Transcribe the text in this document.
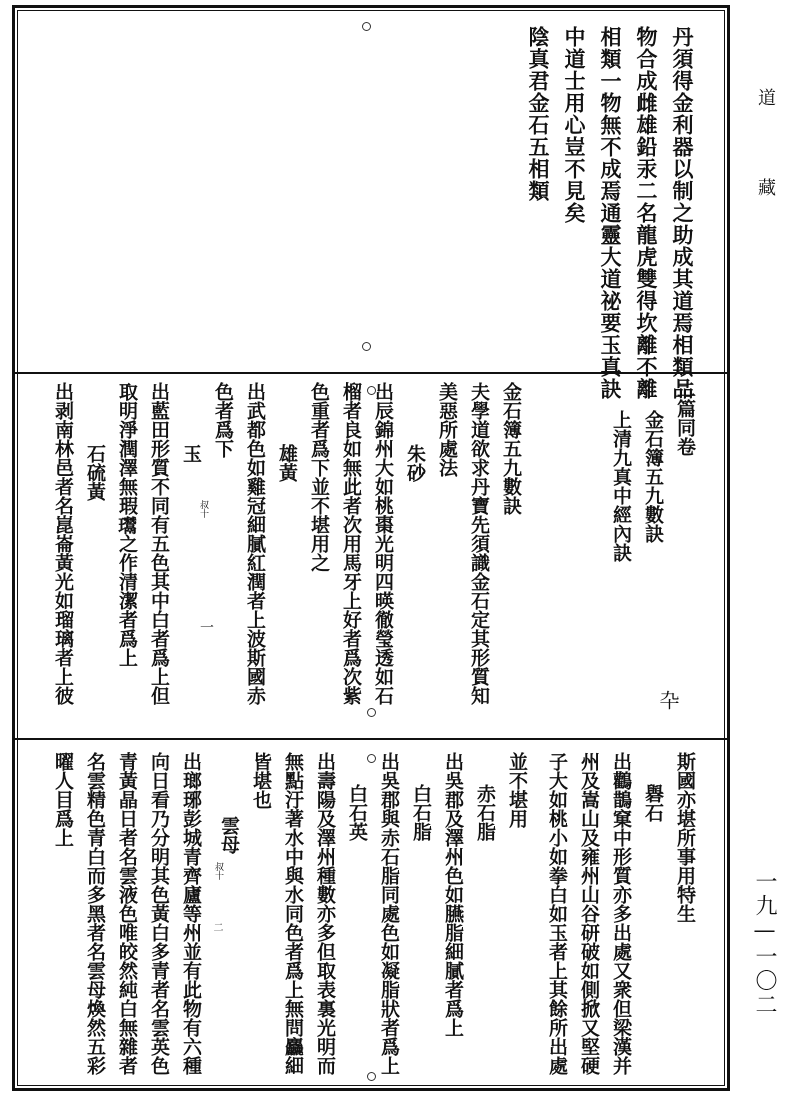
丹須得金利器以制之助成其道焉相類品
物合成雌雄鉛汞二名龍虎雙得坎離不離
相類一物無不成焉通靈大道祕要玉真訣
中道士用心豈不見矣
陰真君金石五相類
二篇同卷
金石簿五九數訣
上清九真中經內訣
金石簿五九數訣
夫學道欲求丹寶先須識金石定其形質知
美惡所處法
朱砂
出辰錦州大如桃棗光明四暎徹瑩透如石
榴者良如無此者次用馬牙上好者爲次紫
色重者爲下並不堪用之
雄黃
出武都色如雞冠細膩紅潤者上波斯國赤
色者爲下
玉
出藍田形質不同有五色其中白者爲上但
取明淨潤澤無瑕𤫨之作清潔者爲上
石硫黃
出剥南林邑者名崑崙黃光如瑠璃者上彼	卆
叔十
一
斯國亦堪所事用特生
礜石
出鸛鵲窠中形質亦多出處又衆但梁漢并
州及嵩山及雍州山谷研破如側掀又堅硬
子大如桃小如拳白如玉者上其餘所出處
並不堪用
赤石脂
出吳郡及澤州色如臙脂細膩者爲上
白石脂
出吳郡與赤石脂同處色如凝脂狀者爲上
白石英
出壽陽及澤州種數亦多但取表裏光明而
無點汙著水中與水同色者爲上無問麤細
皆堪也
雲母
出瑯琊彭城青齊廬等州並有此物有六種
向日看乃分明其色黃白多青者名雲英色
青黃晶日者名雲液色唯皎然純白無雜者
名雲精色青白而多黑者名雲母煥然五彩
曜人目爲上
叔十
二
道
藏
一九—一〇二
